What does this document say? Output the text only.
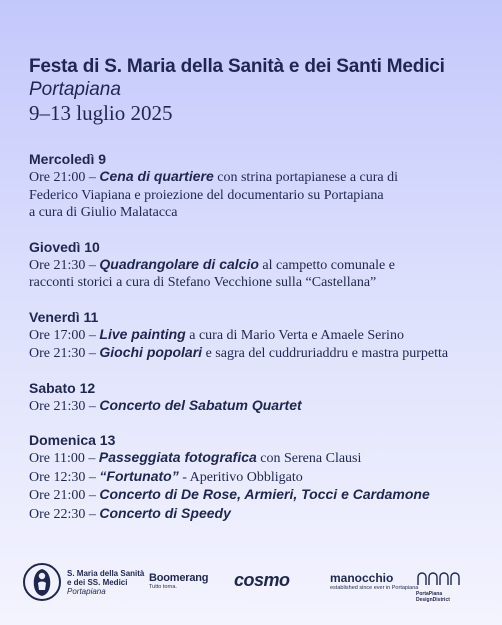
Festa di S. Maria della Sanità e dei Santi Medici
Portapiana
9–13 luglio 2025
Mercoledì 9
Ore 21:00 – Cena di quartiere con strina portapianese a cura di
Federico Viapiana e proiezione del documentario su Portapiana
a cura di Giulio Malatacca
Giovedì 10
Ore 21:30 – Quadrangolare di calcio al campetto comunale e
racconti storici a cura di Stefano Vecchione sulla “Castellana”
Venerdì 11
Ore 17:00 – Live painting a cura di Mario Verta e Amaele Serino
Ore 21:30 – Giochi popolari e sagra del cuddruriaddru e mastra purpetta
Sabato 12
Ore 21:30 – Concerto del Sabatum Quartet
Domenica 13
Ore 11:00 – Passeggiata fotografica con Serena Clausi
Ore 12:30 – “Fortunato” - Aperitivo Obbligato
Ore 21:00 – Concerto di De Rose, Armieri, Tocci e Cardamone
Ore 22:30 – Concerto di Speedy
S. Maria della Sanità
e dei SS. Medici
Portapiana
Boomerang
Tutto torna.	cosmo	manocchio
established since ever in Portapiana
PortaPiana
DesignDistrict
